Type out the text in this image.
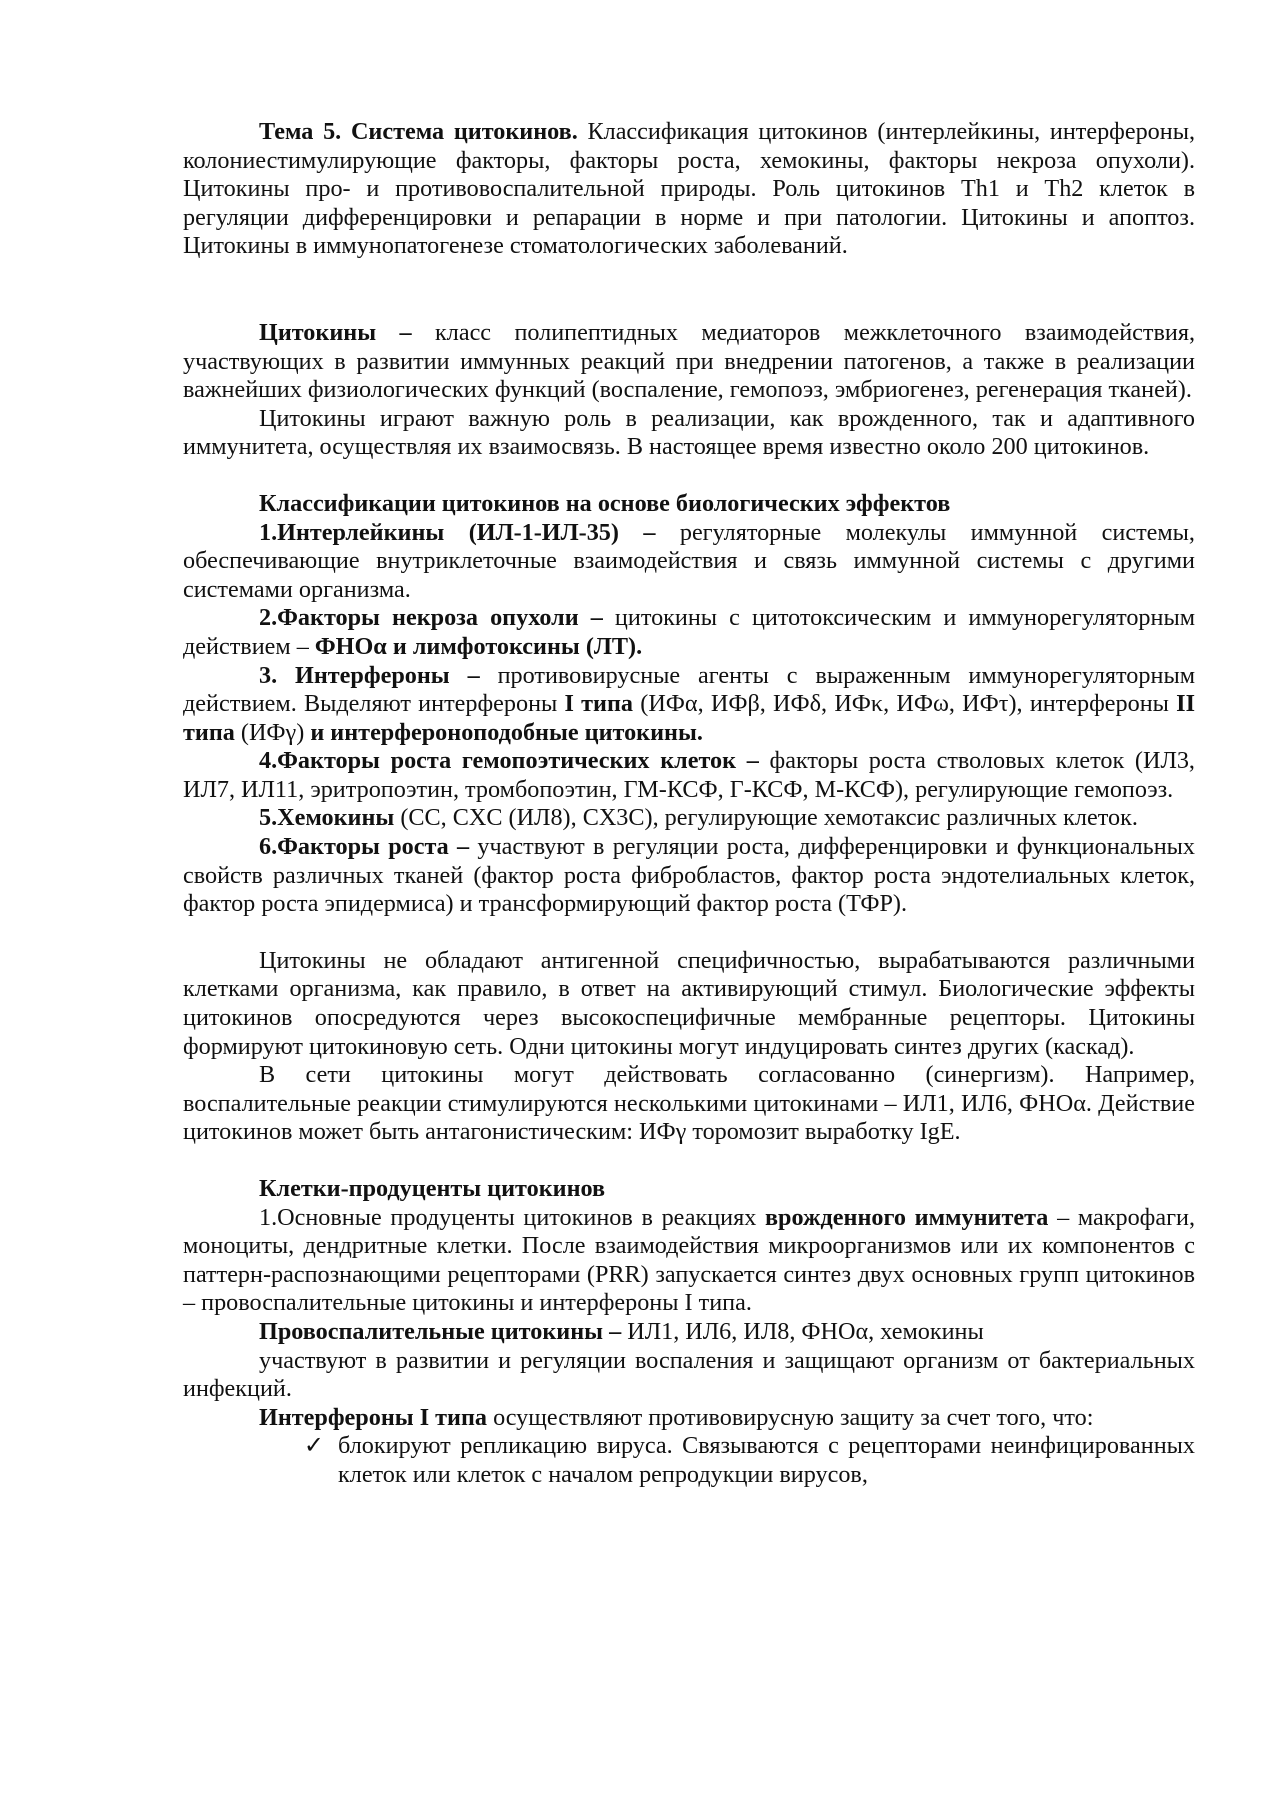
Тема 5. Система цитокинов. Классификация цитокинов (интерлейкины, интерфероны, колониестимулирующие факторы, факторы роста, хемокины, факторы некроза опухоли). Цитокины про- и противовоспалительной природы. Роль цитокинов Th1 и Th2 клеток в регуляции дифференцировки и репарации в норме и при патологии. Цитокины и апоптоз. Цитокины в иммунопатогенезе стоматологических заболеваний.

Цитокины – класс полипептидных медиаторов межклеточного взаимодействия, участвующих в развитии иммунных реакций при внедрении патогенов, а также в реализации важнейших физиологических функций (воспаление, гемопоэз, эмбриогенез, регенерация тканей).

Цитокины играют важную роль в реализации, как врожденного, так и адаптивного иммунитета, осуществляя их взаимосвязь. В настоящее время известно около 200 цитокинов.

Классификации цитокинов на основе биологических эффектов

1.Интерлейкины (ИЛ-1-ИЛ-35) – регуляторные молекулы иммунной системы, обеспечивающие внутриклеточные взаимодействия и связь иммунной системы с другими системами организма.

2.Факторы некроза опухоли – цитокины с цитотоксическим и иммунорегуляторным действием – ФНОα и лимфотоксины (ЛТ).

3. Интерфероны – противовирусные агенты с выраженным иммунорегуляторным действием. Выделяют интерфероны I типа (ИФα, ИФβ, ИФδ, ИФκ, ИФω, ИФτ), интерфероны II типа (ИФγ) и интерфероноподобные цитокины.

4.Факторы роста гемопоэтических клеток – факторы роста стволовых клеток (ИЛ3, ИЛ7, ИЛ11, эритропоэтин, тромбопоэтин, ГМ-КСФ, Г-КСФ, М-КСФ), регулирующие гемопоэз.

5.Хемокины (CC, CXC (ИЛ8), CX3C), регулирующие хемотаксис различных клеток.

6.Факторы роста – участвуют в регуляции роста, дифференцировки и функциональных свойств различных тканей (фактор роста фибробластов, фактор роста эндотелиальных клеток, фактор роста эпидермиса) и трансформирующий фактор роста (ТФР).

Цитокины не обладают антигенной специфичностью, вырабатываются различными клетками организма, как правило, в ответ на активирующий стимул. Биологические эффекты цитокинов опосредуются через высокоспецифичные мембранные рецепторы. Цитокины формируют цитокиновую сеть. Одни цитокины могут индуцировать синтез других (каскад).

В сети цитокины могут действовать согласованно (синергизм). Например, воспалительные реакции стимулируются несколькими цитокинами – ИЛ1, ИЛ6, ФНОα. Действие цитокинов может быть антагонистическим: ИФγ торомозит выработку IgE.

Клетки-продуценты цитокинов

1.Основные продуценты цитокинов в реакциях врожденного иммунитета – макрофаги, моноциты, дендритные клетки. После взаимодействия микроорганизмов или их компонентов с паттерн-распознающими рецепторами (PRR) запускается синтез двух основных групп цитокинов – провоспалительные цитокины и интерфероны I типа.

Провоспалительные цитокины – ИЛ1, ИЛ6, ИЛ8, ФНОα, хемокины

участвуют в развитии и регуляции воспаления и защищают организм от бактериальных инфекций.

Интерфероны I типа осуществляют противовирусную защиту за счет того, что:

✓ блокируют репликацию вируса. Связываются с рецепторами неинфицированных клеток или клеток с началом репродукции вирусов,
